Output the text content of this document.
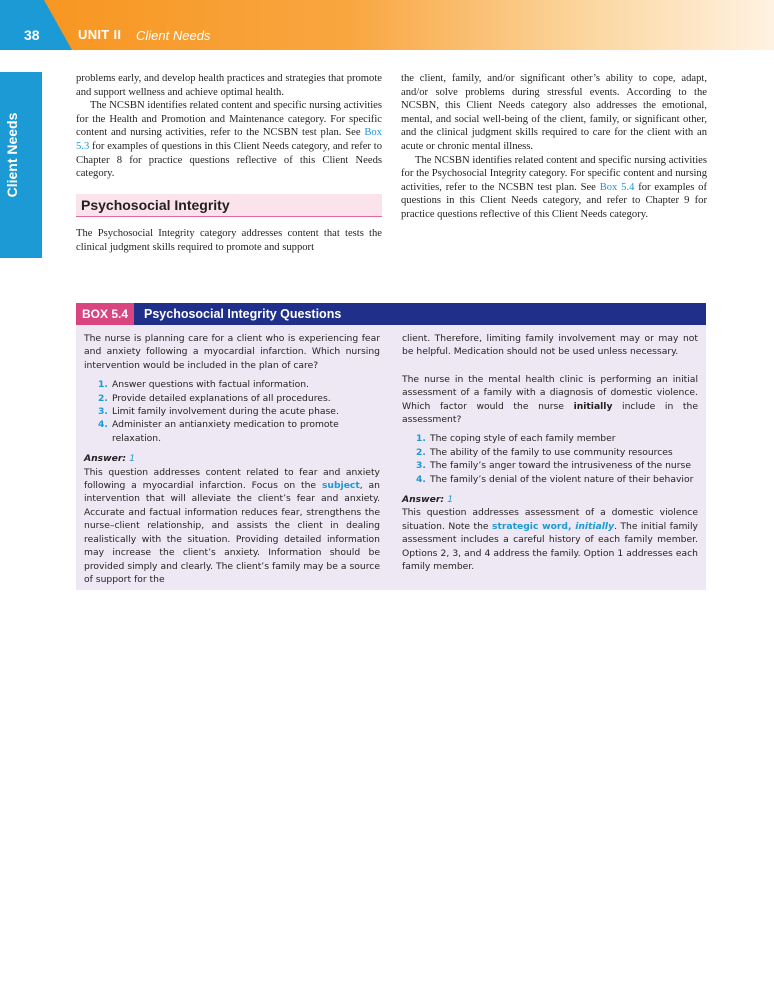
38	UNIT II Client Needs
Client Needs

problems early, and develop health practices and strategies that promote and support wellness and achieve optimal health.

The NCSBN identifies related content and specific nursing activities for the Health and Promotion and Maintenance category. For specific content and nursing activities, refer to the NCSBN test plan. See Box 5.3 for examples of questions in this Client Needs category, and refer to Chapter 8 for practice questions reflective of this Client Needs category.

Psychosocial Integrity

The Psychosocial Integrity category addresses content that tests the clinical judgment skills required to promote and support

the client, family, and/or significant other’s ability to cope, adapt, and/or solve problems during stressful events. According to the NCSBN, this Client Needs category also addresses the emotional, mental, and social well-being of the client, family, or significant other, and the clinical judgment skills required to care for the client with an acute or chronic mental illness.

The NCSBN identifies related content and specific nursing activities for the Psychosocial Integrity category. For specific content and nursing activities, refer to the NCSBN test plan. See Box 5.4 for examples of questions in this Client Needs category, and refer to Chapter 9 for practice questions reflective of this Client Needs category.

BOX 5.4	Psychosocial Integrity Questions

The nurse is planning care for a client who is experiencing fear and anxiety following a myocardial infarction. Which nursing intervention would be included in the plan of care?

1. Answer questions with factual information.
2. Provide detailed explanations of all procedures.
3. Limit family involvement during the acute phase.
4. Administer an antianxiety medication to promote relaxation.
Answer: 1

This question addresses content related to fear and anxiety following a myocardial infarction. Focus on the subject, an intervention that will alleviate the client’s fear and anxiety. Accurate and factual information reduces fear, strengthens the nurse–client relationship, and assists the client in dealing realistically with the situation. Providing detailed information may increase the client’s anxiety. Information should be provided simply and clearly. The client’s family may be a source of support for the

client. Therefore, limiting family involvement may or may not be helpful. Medication should not be used unless necessary.

The nurse in the mental health clinic is performing an initial assessment of a family with a diagnosis of domestic violence. Which factor would the nurse initially include in the assessment?

1. The coping style of each family member
2. The ability of the family to use community resources
3. The family’s anger toward the intrusiveness of the nurse
4. The family’s denial of the violent nature of their behavior
Answer: 1

This question addresses assessment of a domestic violence situation. Note the strategic word, initially. The initial family assessment includes a careful history of each family member. Options 2, 3, and 4 address the family. Option 1 addresses each family member.
